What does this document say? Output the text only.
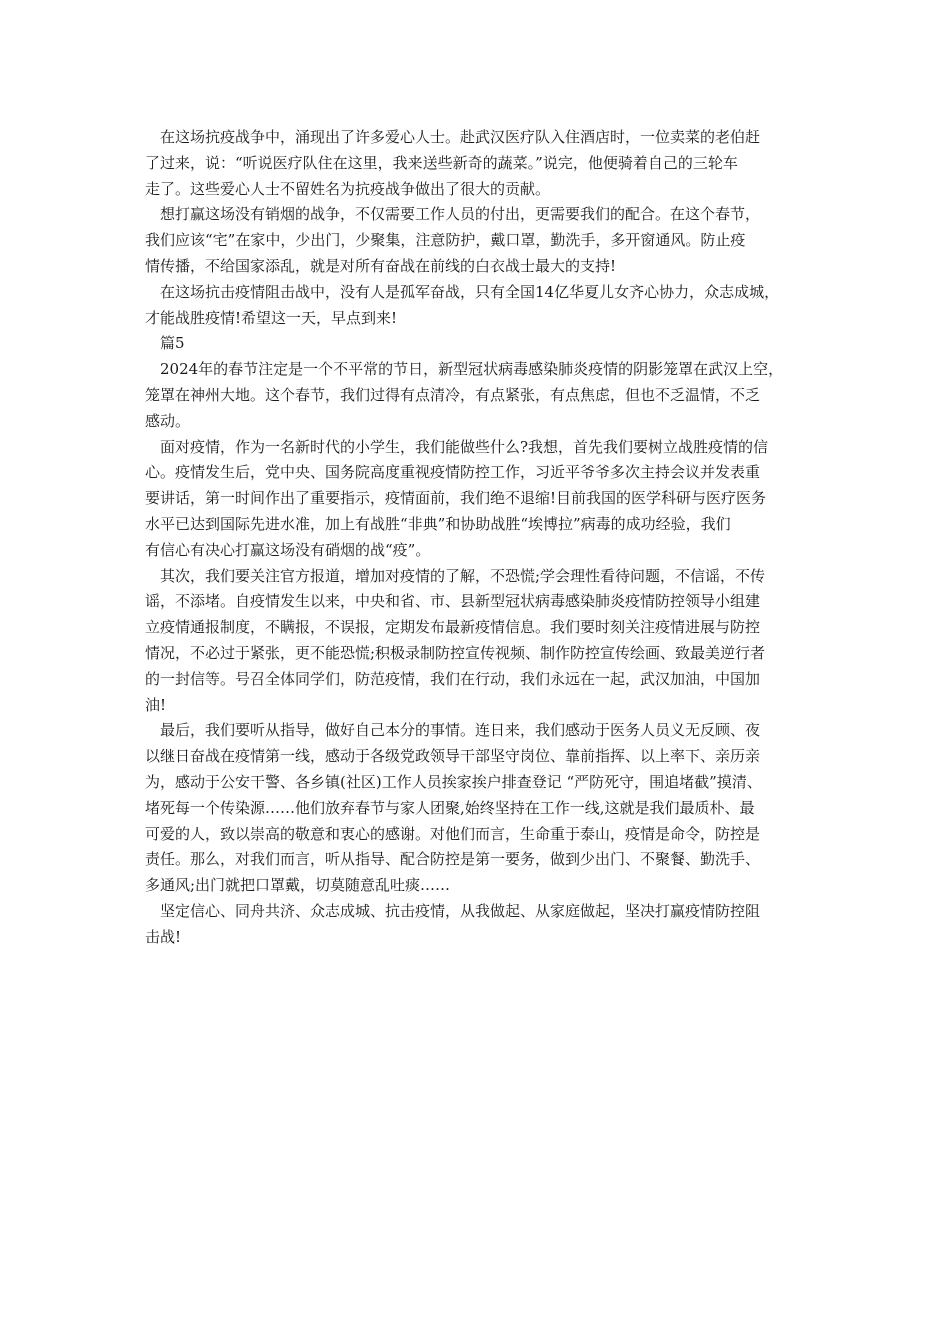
在这场抗疫战争中，涌现出了许多爱心人士。赴武汉医疗队入住酒店时，一位卖菜的老伯赶
了过来，说：“听说医疗队住在这里，我来送些新奇的蔬菜。”说完，他便骑着自己的三轮车
走了。这些爱心人士不留姓名为抗疫战争做出了很大的贡献。

想打赢这场没有销烟的战争，不仅需要工作人员的付出，更需要我们的配合。在这个春节，
我们应该“宅”在家中，少出门，少聚集，注意防护，戴口罩，勤洗手，多开窗通风。防止疫
情传播，不给国家添乱，就是对所有奋战在前线的白衣战士最大的支持!

在这场抗击疫情阻击战中，没有人是孤军奋战，只有全国14亿华夏儿女齐心协力，众志成城，
才能战胜疫情!希望这一天，早点到来!

篇5

2024年的春节注定是一个不平常的节日，新型冠状病毒感染肺炎疫情的阴影笼罩在武汉上空，
笼罩在神州大地。这个春节，我们过得有点清冷，有点紧张，有点焦虑，但也不乏温情，不乏
感动。

面对疫情，作为一名新时代的小学生，我们能做些什么?我想，首先我们要树立战胜疫情的信
心。疫情发生后，党中央、国务院高度重视疫情防控工作，习近平爷爷多次主持会议并发表重
要讲话，第一时间作出了重要指示，疫情面前，我们绝不退缩!目前我国的医学科研与医疗医务
水平已达到国际先进水准，加上有战胜“非典”和协助战胜“埃博拉”病毒的成功经验，我们
有信心有决心打赢这场没有硝烟的战“疫”。

其次，我们要关注官方报道，增加对疫情的了解，不恐慌;学会理性看待问题，不信谣，不传
谣，不添堵。自疫情发生以来，中央和省、市、县新型冠状病毒感染肺炎疫情防控领导小组建
立疫情通报制度，不瞒报，不误报，定期发布最新疫情信息。我们要时刻关注疫情进展与防控
情况，不必过于紧张，更不能恐慌;积极录制防控宣传视频、制作防控宣传绘画、致最美逆行者
的一封信等。号召全体同学们，防范疫情，我们在行动，我们永远在一起，武汉加油，中国加
油!

最后，我们要听从指导，做好自己本分的事情。连日来，我们感动于医务人员义无反顾、夜
以继日奋战在疫情第一线，感动于各级党政领导干部坚守岗位、靠前指挥、以上率下、亲历亲
为，感动于公安干警、各乡镇(社区)工作人员挨家挨户排查登记 “严防死守，围追堵截”摸清、
堵死每一个传染源……他们放弃春节与家人团聚,始终坚持在工作一线,这就是我们最质朴、最
可爱的人，致以崇高的敬意和衷心的感谢。对他们而言，生命重于泰山，疫情是命令，防控是
责任。那么，对我们而言，听从指导、配合防控是第一要务，做到少出门、不聚餐、勤洗手、
多通风;出门就把口罩戴，切莫随意乱吐痰……

坚定信心、同舟共济、众志成城、抗击疫情，从我做起、从家庭做起，坚决打赢疫情防控阻
击战!
